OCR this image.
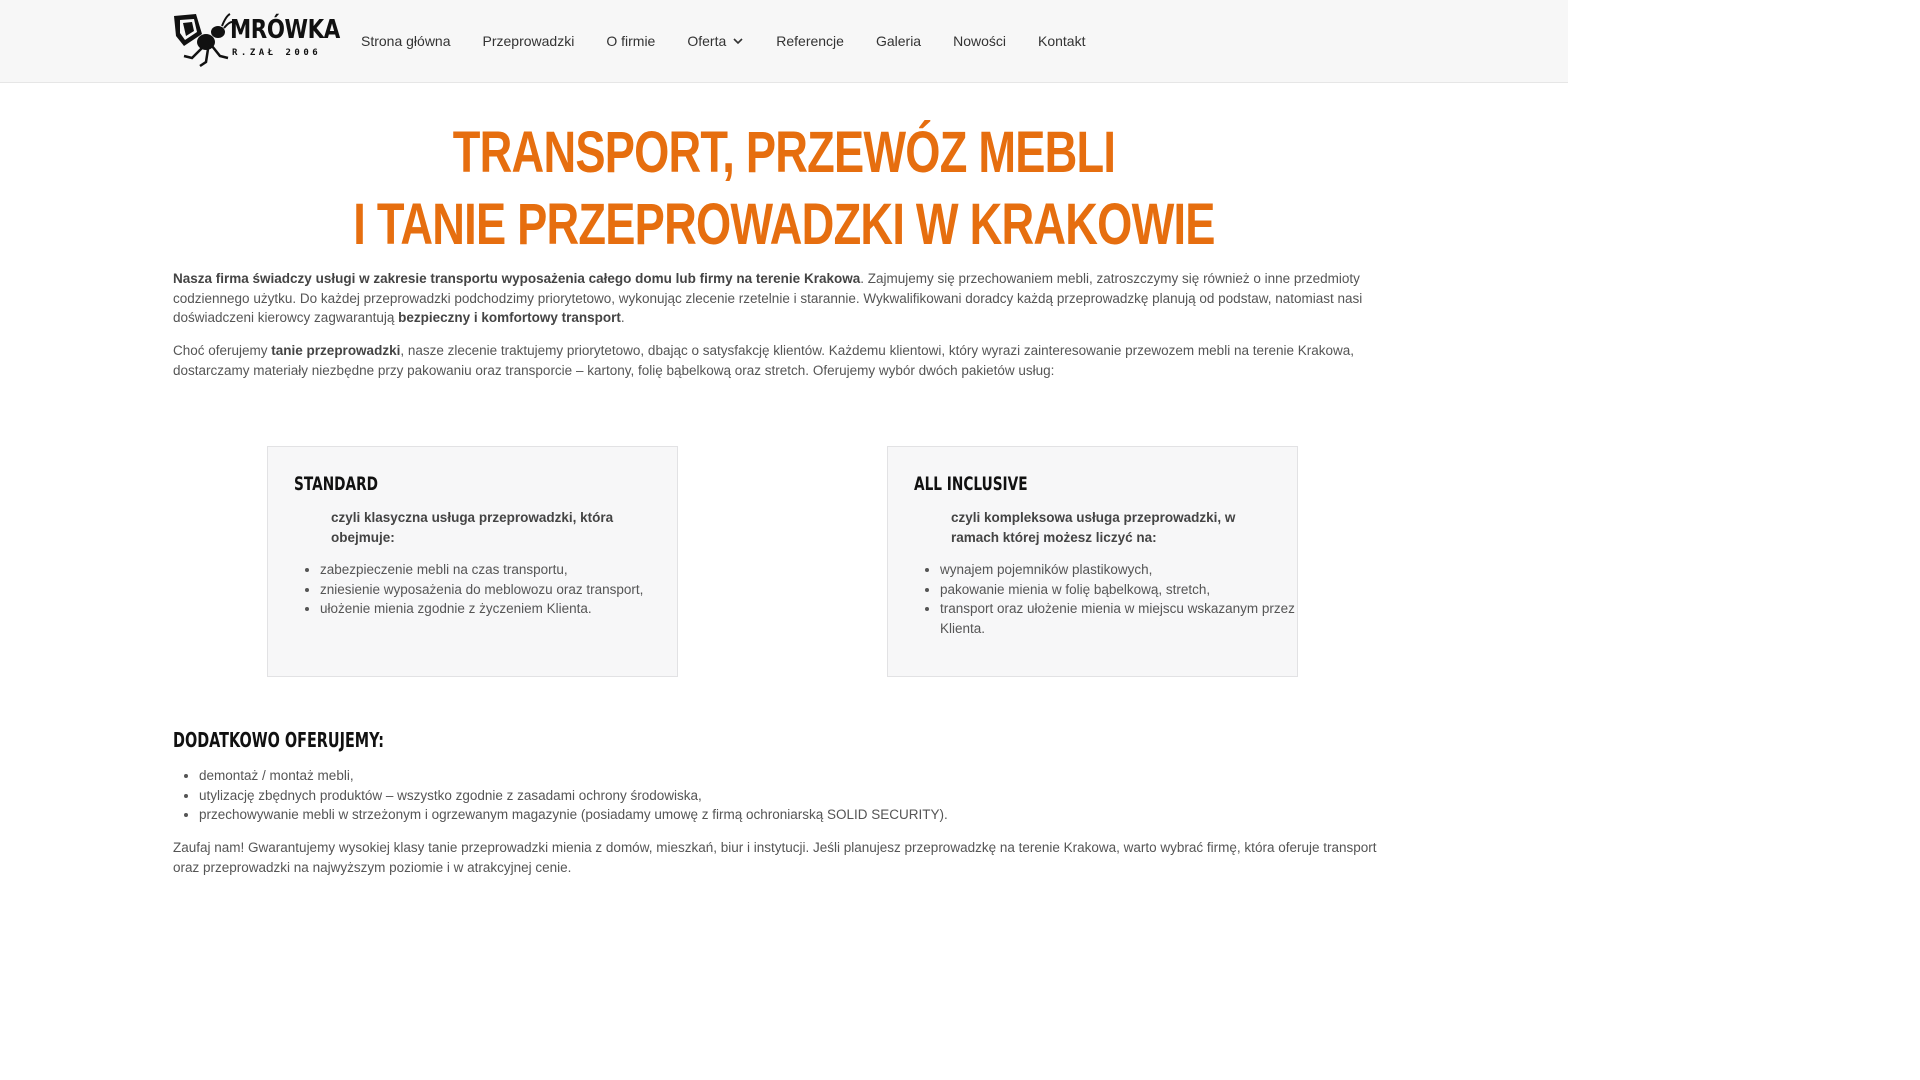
MRÓWKA
R.ZAŁ 2006
Strona główna Przeprowadzki O firmie Oferta	Referencje Galeria Nowości Kontakt
TRANSPORT, PRZEWÓZ MEBLI
I TANIE PRZEPROWADZKI W KRAKOWIE

Nasza firma świadczy usługi w zakresie transportu wyposażenia całego domu lub firmy na terenie Krakowa. Zajmujemy się przechowaniem mebli, zatroszczymy się również o inne przedmioty codziennego użytku. Do każdej przeprowadzki podchodzimy priorytetowo, wykonując zlecenie rzetelnie i starannie. Wykwalifikowani doradcy każdą przeprowadzkę planują od podstaw, natomiast nasi doświadczeni kierowcy zagwarantują bezpieczny i komfortowy transport.

Choć oferujemy tanie przeprowadzki, nasze zlecenie traktujemy priorytetowo, dbając o satysfakcję klientów. Każdemu klientowi, który wyrazi zainteresowanie przewozem mebli na terenie Krakowa, dostarczamy materiały niezbędne przy pakowaniu oraz transporcie – kartony, folię bąbelkową oraz stretch. Oferujemy wybór dwóch pakietów usług:

STANDARD
czyli klasyczna usługa przeprowadzki, która obejmuje:
• zabezpieczenie mebli na czas transportu,
• zniesienie wyposażenia do meblowozu oraz transport,
• ułożenie mienia zgodnie z życzeniem Klienta.
ALL INCLUSIVE
czyli kompleksowa usługa przeprowadzki, w ramach której możesz liczyć na:
• wynajem pojemników plastikowych,
• pakowanie mienia w folię bąbelkową, stretch,
• transport oraz ułożenie mienia w miejscu wskazanym przez Klienta.
DODATKOWO OFERUJEMY:
• demontaż / montaż mebli,
• utylizację zbędnych produktów – wszystko zgodnie z zasadami ochrony środowiska,
• przechowywanie mebli w strzeżonym i ogrzewanym magazynie (posiadamy umowę z firmą ochroniarską SOLID SECURITY).

Zaufaj nam! Gwarantujemy wysokiej klasy tanie przeprowadzki mienia z domów, mieszkań, biur i instytucji. Jeśli planujesz przeprowadzkę na terenie Krakowa, warto wybrać firmę, która oferuje transport oraz przeprowadzki na najwyższym poziomie i w atrakcyjnej cenie.
